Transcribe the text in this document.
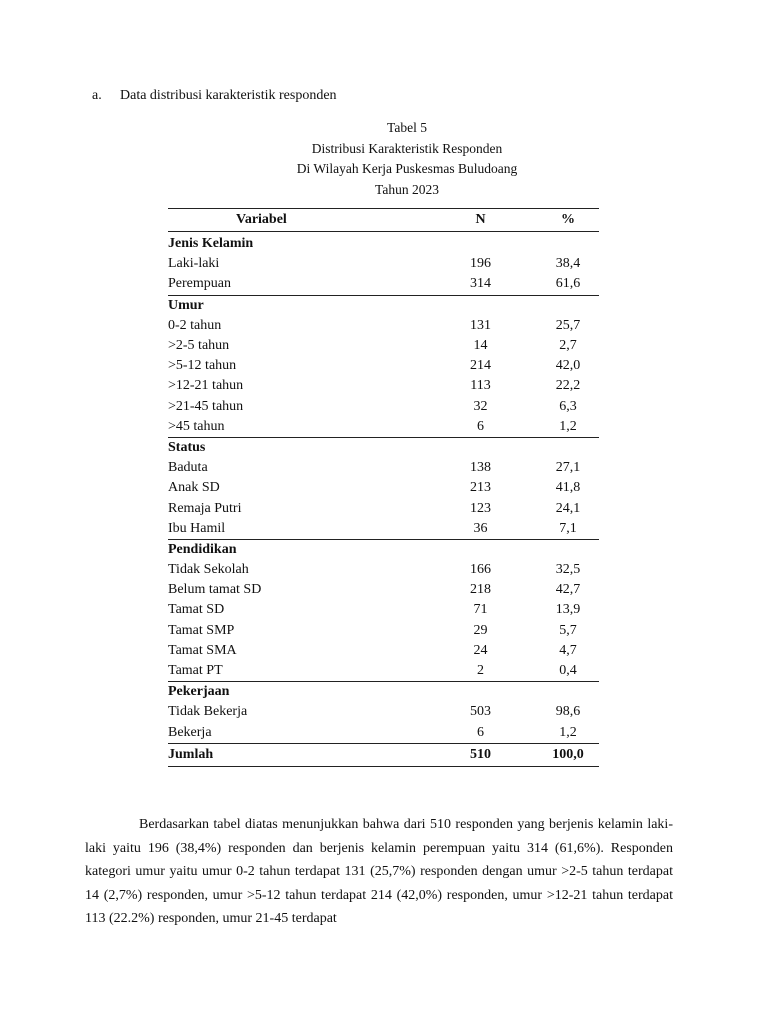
a. Data distribusi karakteristik responden
Tabel 5
Distribusi Karakteristik Responden
Di Wilayah Kerja Puskesmas Buludoang
Tahun 2023
Variabel	N	%
Jenis Kelamin		
Laki-laki	196	38,4
Perempuan	314	61,6
Umur		
0-2 tahun	131	25,7
>2-5 tahun	14	2,7
>5-12 tahun	214	42,0
>12-21 tahun	113	22,2
>21-45 tahun	32	6,3
>45 tahun	6	1,2
Status		
Baduta	138	27,1
Anak SD	213	41,8
Remaja Putri	123	24,1
Ibu Hamil	36	7,1
Pendidikan		
Tidak Sekolah	166	32,5
Belum tamat SD	218	42,7
Tamat SD	71	13,9
Tamat SMP	29	5,7
Tamat SMA	24	4,7
Tamat PT	2	0,4
Pekerjaan		
Tidak Bekerja	503	98,6
Bekerja	6	1,2
Jumlah	510	100,0
Berdasarkan tabel diatas menunjukkan bahwa dari 510 responden yang berjenis kelamin laki- laki yaitu 196 (38,4%) responden dan berjenis kelamin perempuan yaitu 314 (61,6%). Responden kategori umur yaitu umur 0-2 tahun terdapat 131 (25,7%) responden dengan umur >2-5 tahun terdapat 14 (2,7%) responden, umur >5-12 tahun terdapat 214 (42,0%) responden, umur >12-21 tahun terdapat 113 (22.2%) responden, umur 21-45 terdapat
